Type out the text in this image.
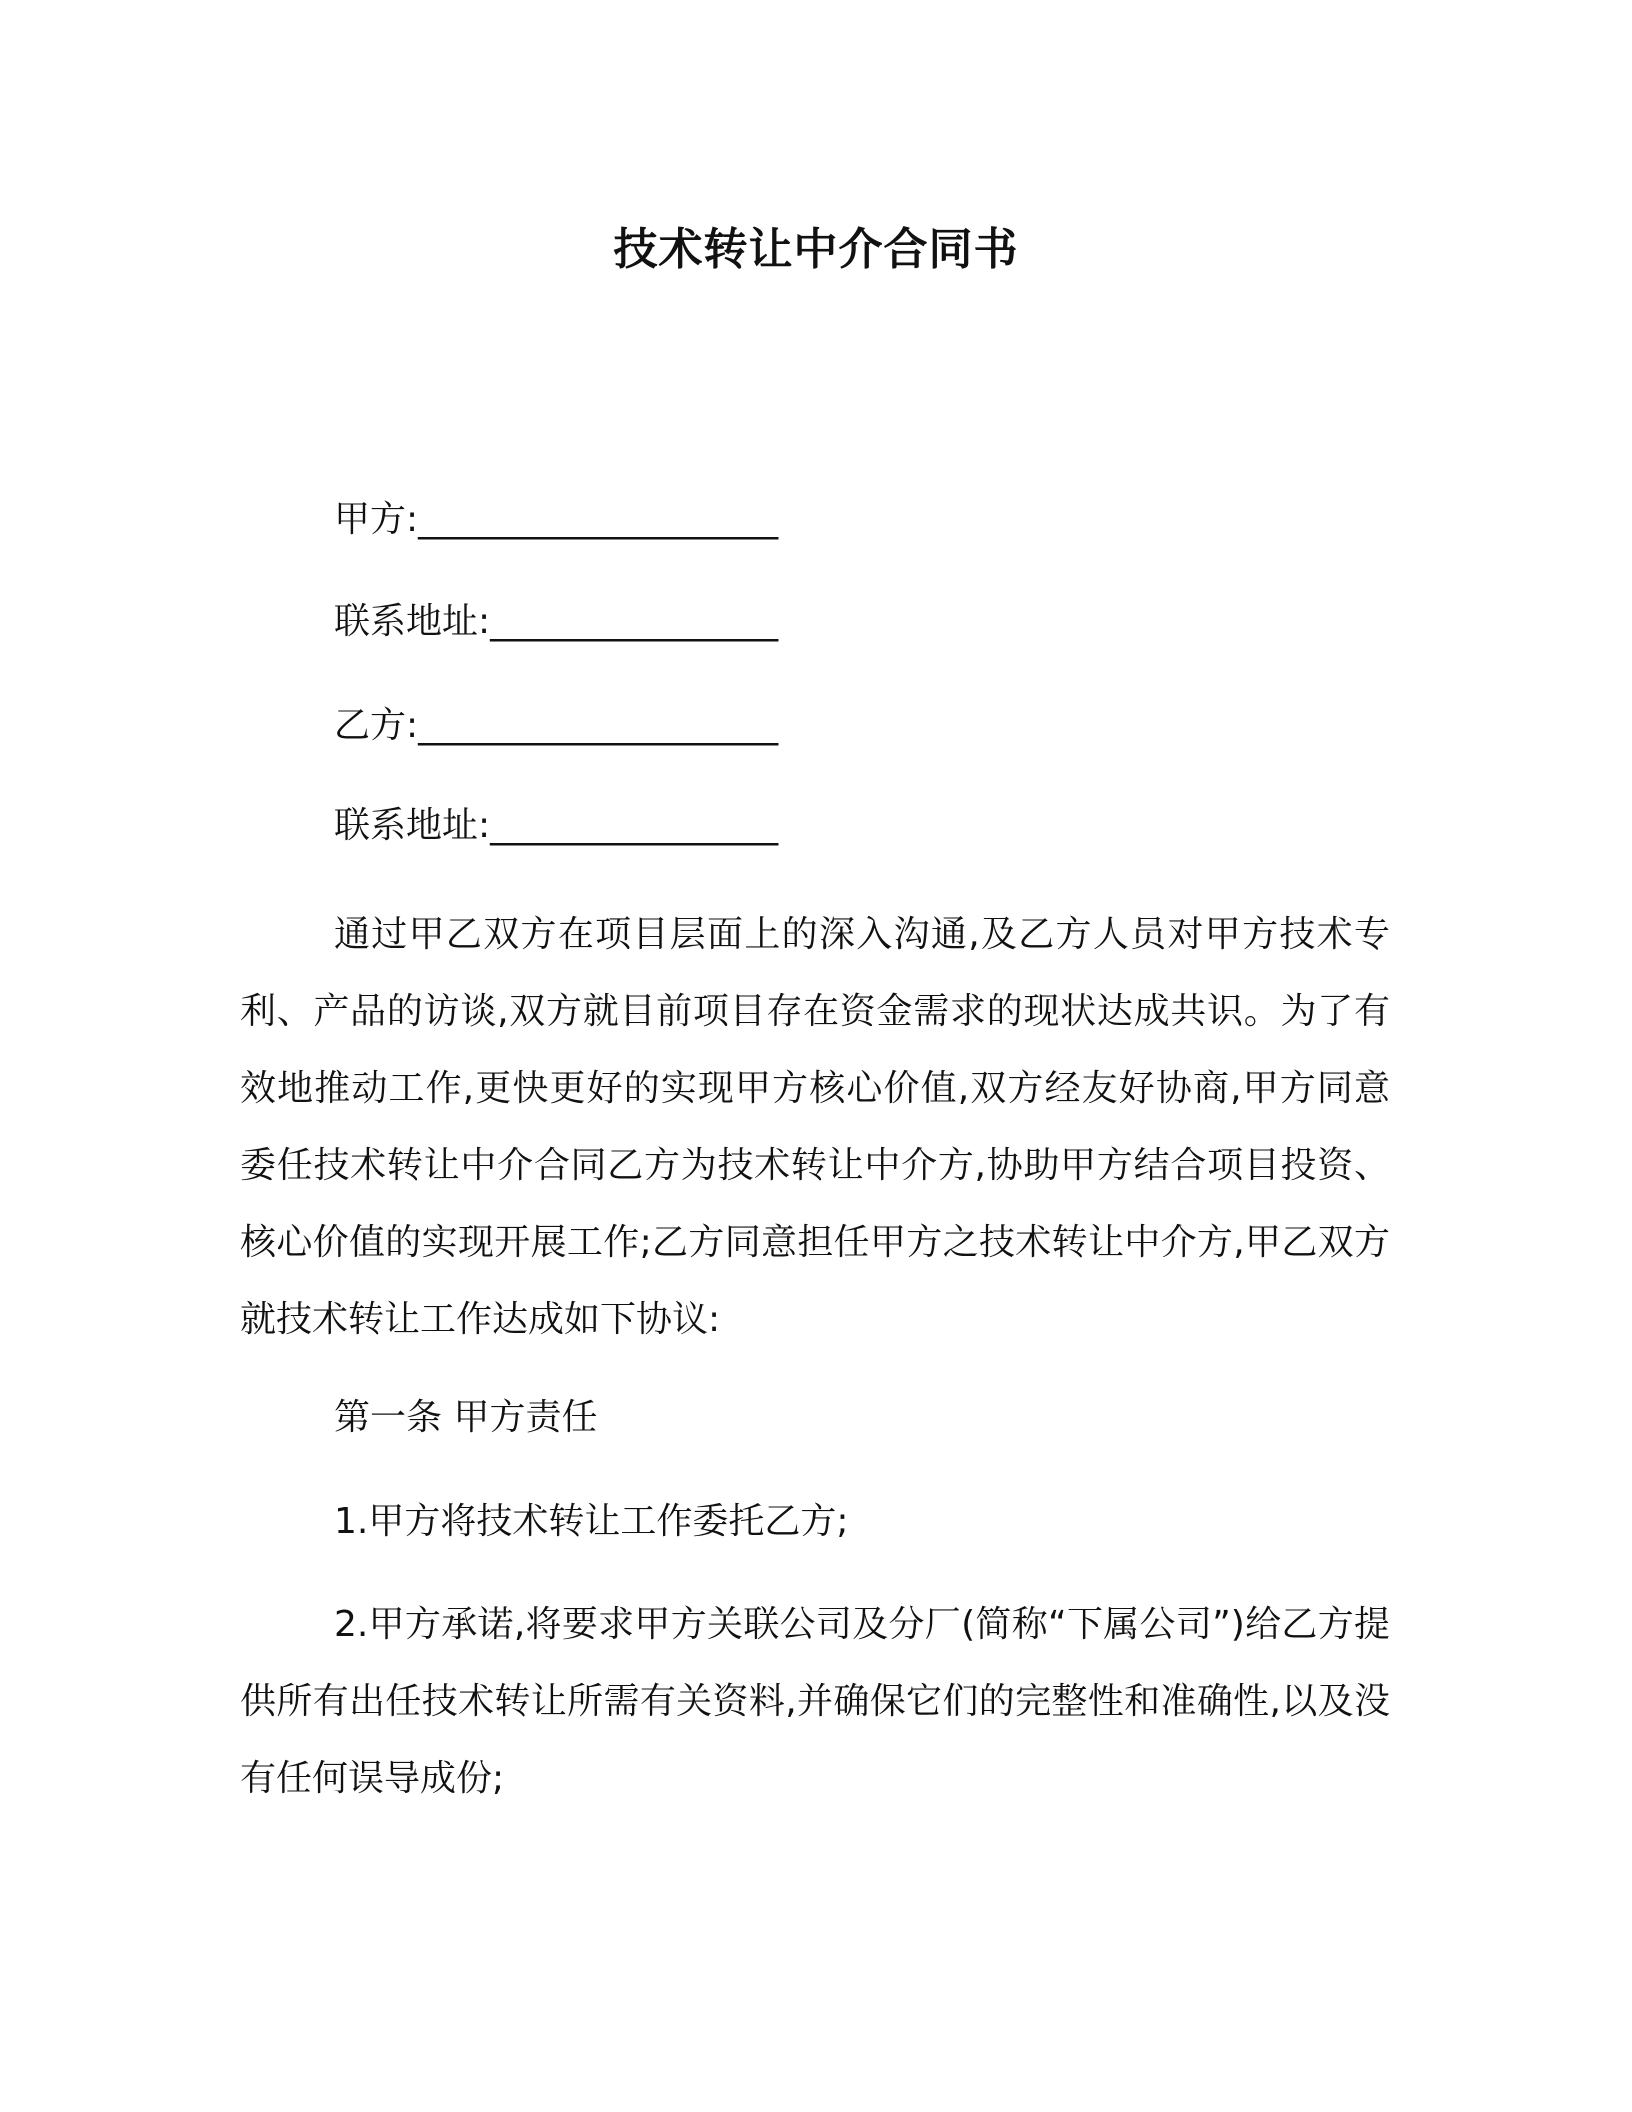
技术转让中介合同书
甲方:____________________
联系地址:________________
乙方:____________________
联系地址:________________

通过甲乙双方在项目层面上的深入沟通,及乙方人员对甲方技术专利、产品的访谈,双方就目前项目存在资金需求的现状达成共识。为了有效地推动工作,更快更好的实现甲方核心价值,双方经友好协商,甲方同意委任技术转让中介合同乙方为技术转让中介方,协助甲方结合项目投资、核心价值的实现开展工作;乙方同意担任甲方之技术转让中介方,甲乙双方就技术转让工作达成如下协议:

第一条 甲方责任
1.甲方将技术转让工作委托乙方;

2.甲方承诺,将要求甲方关联公司及分厂(简称“下属公司”)给乙方提供所有出任技术转让所需有关资料,并确保它们的完整性和准确性,以及没有任何误导成份;
